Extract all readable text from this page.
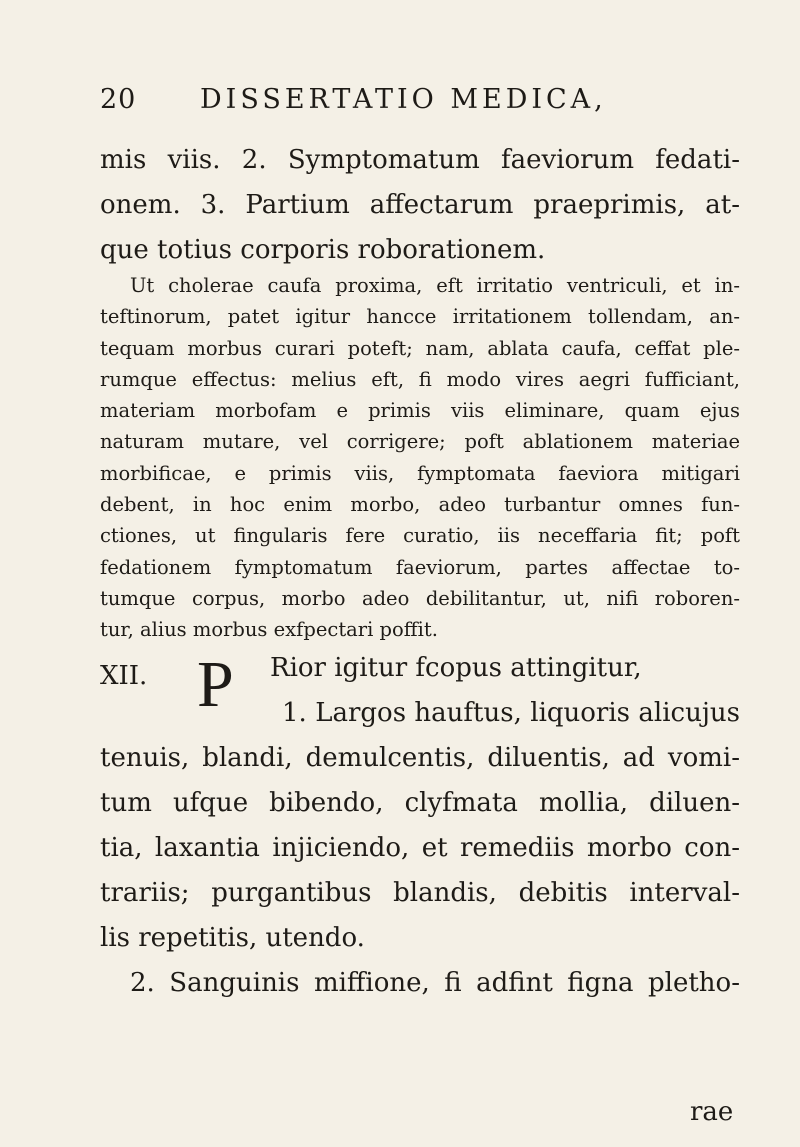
20 DISSERTATIO MEDICA,
mis viis. 2. Symptomatum faeviorum fedati-
onem. 3. Partium affectarum praeprimis, at-
que totius corporis roborationem.
Ut cholerae caufa proxima, eft irritatio ventriculi, et in-
teftinorum, patet igitur hancce irritationem tollendam, an-
tequam morbus curari poteft; nam, ablata caufa, ceffat ple-
rumque effectus: melius eft, fi modo vires aegri fufficiant,
materiam morbofam e primis viis eliminare, quam ejus
naturam mutare, vel corrigere; poft ablationem materiae
morbificae, e primis viis, fymptomata faeviora mitigari
debent, in hoc enim morbo, adeo turbantur omnes fun-
ctiones, ut fingularis fere curatio, iis neceffaria fit; poft
fedationem fymptomatum faeviorum, partes affectae to-
tumque corpus, morbo adeo debilitantur, ut, nifi roboren-
tur, alius morbus exfpectari poffit.
XII. P Rior igitur fcopus attingitur,
1. Largos hauftus, liquoris alicujus
tenuis, blandi, demulcentis, diluentis, ad vomi-
tum ufque bibendo, clyfmata mollia, diluen-
tia, laxantia injiciendo, et remediis morbo con-
trariis; purgantibus blandis, debitis interval-
lis repetitis, utendo.
2. Sanguinis miffione, fi adfint figna pletho-
rae
